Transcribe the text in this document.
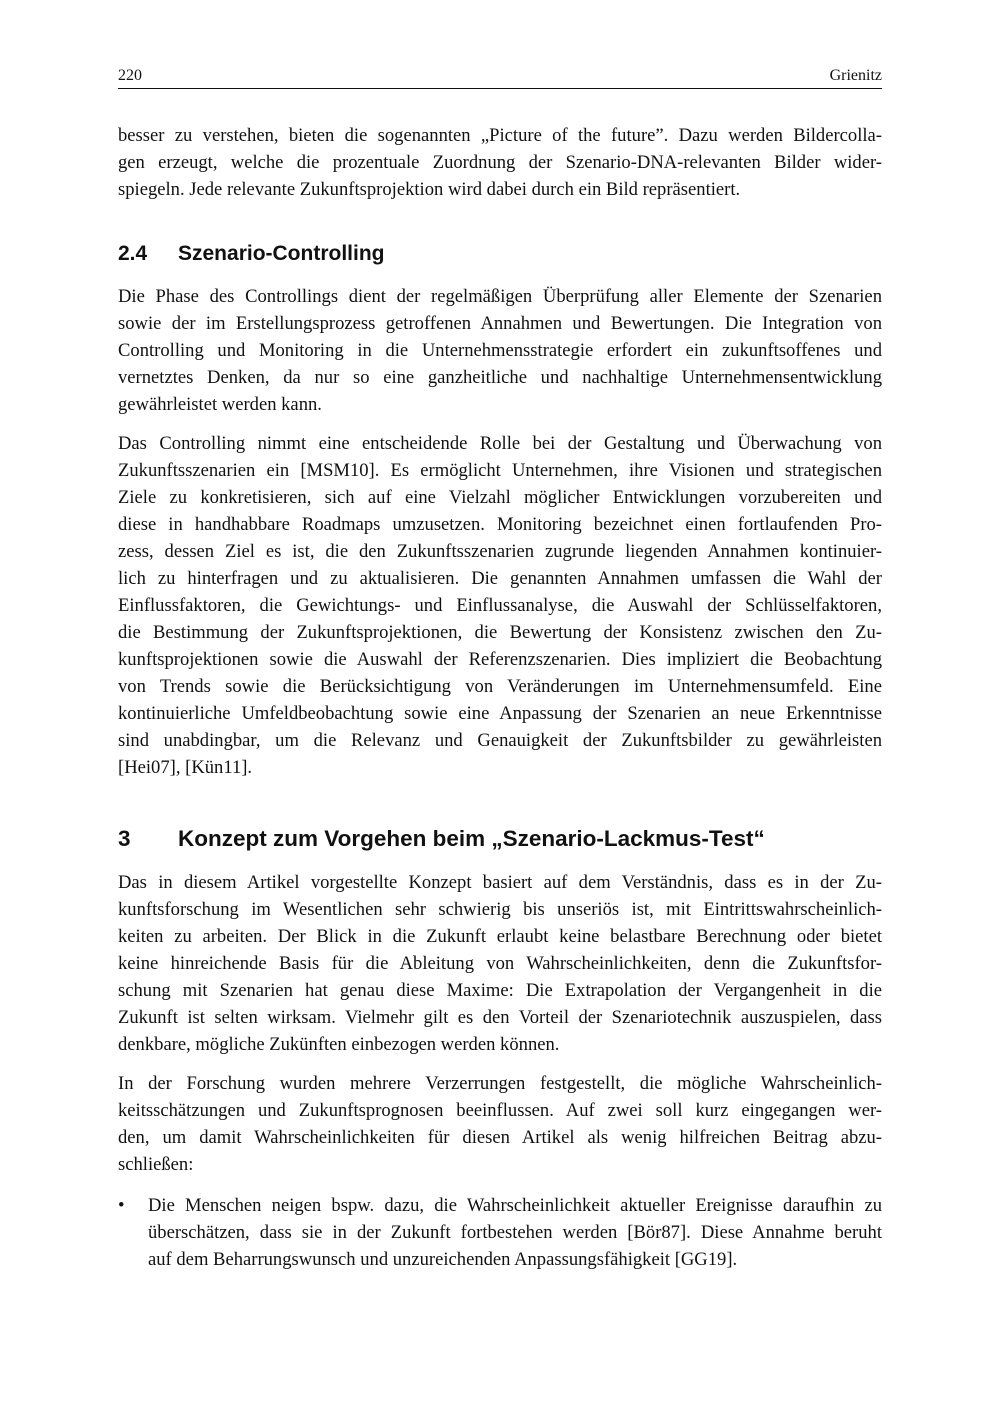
220	Grienitz
besser zu verstehen, bieten die sogenannten „Picture of the future”. Dazu werden Bildercolla-
gen erzeugt, welche die prozentuale Zuordnung der Szenario-DNA-relevanten Bilder wider-
spiegeln. Jede relevante Zukunftsprojektion wird dabei durch ein Bild repräsentiert.
2.4 Szenario-Controlling
Die Phase des Controllings dient der regelmäßigen Überprüfung aller Elemente der Szenarien
sowie der im Erstellungsprozess getroffenen Annahmen und Bewertungen. Die Integration von
Controlling und Monitoring in die Unternehmensstrategie erfordert ein zukunftsoffenes und
vernetztes Denken, da nur so eine ganzheitliche und nachhaltige Unternehmensentwicklung
gewährleistet werden kann.
Das Controlling nimmt eine entscheidende Rolle bei der Gestaltung und Überwachung von
Zukunftsszenarien ein [MSM10]. Es ermöglicht Unternehmen, ihre Visionen und strategischen
Ziele zu konkretisieren, sich auf eine Vielzahl möglicher Entwicklungen vorzubereiten und
diese in handhabbare Roadmaps umzusetzen. Monitoring bezeichnet einen fortlaufenden Pro-
zess, dessen Ziel es ist, die den Zukunftsszenarien zugrunde liegenden Annahmen kontinuier-
lich zu hinterfragen und zu aktualisieren. Die genannten Annahmen umfassen die Wahl der
Einflussfaktoren, die Gewichtungs- und Einflussanalyse, die Auswahl der Schlüsselfaktoren,
die Bestimmung der Zukunftsprojektionen, die Bewertung der Konsistenz zwischen den Zu-
kunftsprojektionen sowie die Auswahl der Referenzszenarien. Dies impliziert die Beobachtung
von Trends sowie die Berücksichtigung von Veränderungen im Unternehmensumfeld. Eine
kontinuierliche Umfeldbeobachtung sowie eine Anpassung der Szenarien an neue Erkenntnisse
sind unabdingbar, um die Relevanz und Genauigkeit der Zukunftsbilder zu gewährleisten
[Hei07], [Kün11].
3 Konzept zum Vorgehen beim „Szenario-Lackmus-Test“
Das in diesem Artikel vorgestellte Konzept basiert auf dem Verständnis, dass es in der Zu-
kunftsforschung im Wesentlichen sehr schwierig bis unseriös ist, mit Eintrittswahrscheinlich-
keiten zu arbeiten. Der Blick in die Zukunft erlaubt keine belastbare Berechnung oder bietet
keine hinreichende Basis für die Ableitung von Wahrscheinlichkeiten, denn die Zukunftsfor-
schung mit Szenarien hat genau diese Maxime: Die Extrapolation der Vergangenheit in die
Zukunft ist selten wirksam. Vielmehr gilt es den Vorteil der Szenariotechnik auszuspielen, dass
denkbare, mögliche Zukünften einbezogen werden können.
In der Forschung wurden mehrere Verzerrungen festgestellt, die mögliche Wahrscheinlich-
keitsschätzungen und Zukunftsprognosen beeinflussen. Auf zwei soll kurz eingegangen wer-
den, um damit Wahrscheinlichkeiten für diesen Artikel als wenig hilfreichen Beitrag abzu-
schließen:
•	Die Menschen neigen bspw. dazu, die Wahrscheinlichkeit aktueller Ereignisse daraufhin zu
überschätzen, dass sie in der Zukunft fortbestehen werden [Bör87]. Diese Annahme beruht
auf dem Beharrungswunsch und unzureichenden Anpassungsfähigkeit [GG19].
